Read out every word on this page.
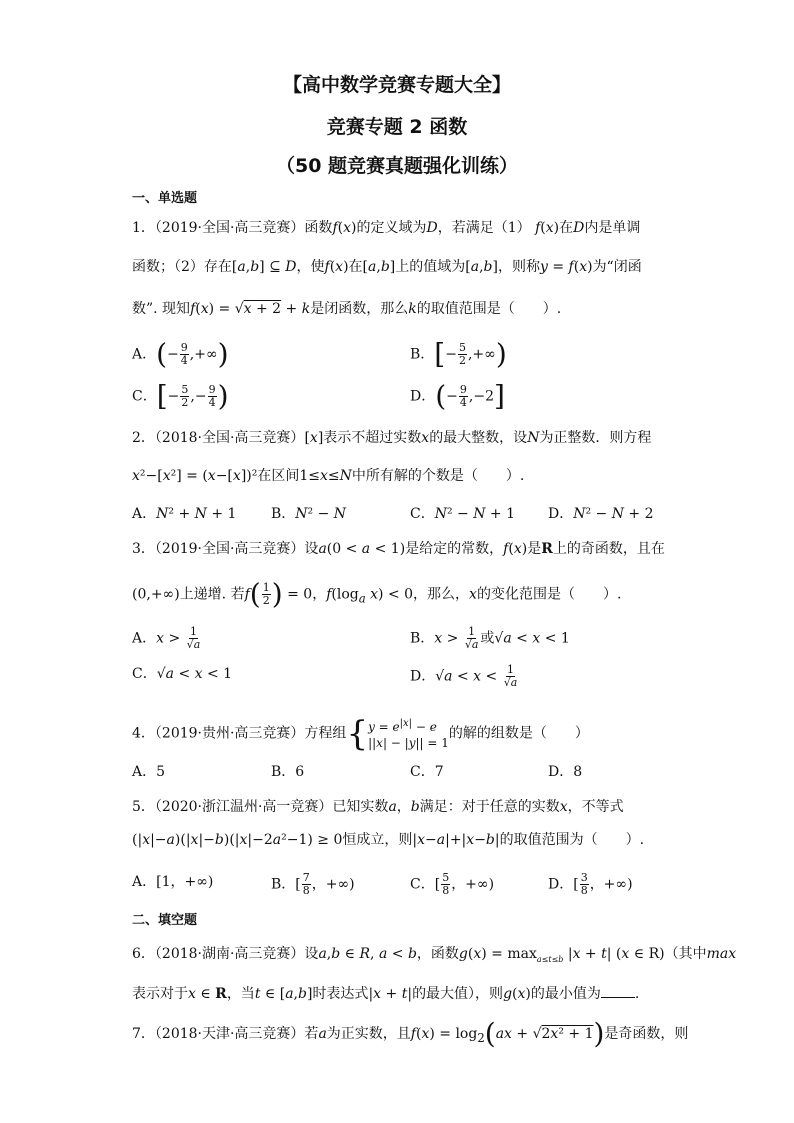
【高中数学竞赛专题大全】
竞赛专题 2 函数
（50 题竞赛真题强化训练）
一、单选题
1．（2019·全国·高三竞赛）函数f(x)的定义域为D，若满足（1） f(x)在D内是单调
函数；（2）存在[a,b] ⊆ D，使f(x)在[a,b]上的值域为[a,b]，则称y = f(x)为“闭函
数”. 现知f(x) = √x + 2 + k是闭函数，那么k的取值范围是（　　）.
A．(− $\frac{9}{4}$ ,+∞)	B．[− $\frac{5}{2}$ ,+∞)
C．[− $\frac{5}{2}$ ,− $\frac{9}{4}$ )	D．(− $\frac{9}{4} ,-2$]
2．（2018·全国·高三竞赛）[x]表示不超过实数x的最大整数，设N为正整数．则方程
x²−[x²] = (x−[x])²在区间1≤x≤N中所有解的个数是（　　）.
A．N² + N + 1 B．N² − N	C．N² − N + 1 D．N² − N + 2
3．（2019·全国·高三竞赛）设a(0 < a < 1)是给定的常数，f(x)是R上的奇函数，且在
(0,+∞)上递增. 若$f( \frac{1}{2}$ ) = 0，$f(\log_a$ x) < 0，那么，x的变化范围是（　　）.
A．$x > \frac{1}{√a}$	B．$x > \frac{1}{√a}$ 或√a < x < 1
C．√a < x < 1	D．$√a < x < \frac{1}{√a}$
4．（2019·贵州·高三竞赛）方程组 { $y = e^{|x|} - e$
||x| − |y|| = 1
的解的组数是（　　）
A．5	B．6	C．7	D．8
5．（2020·浙江温州·高一竞赛）已知实数a，b满足：对于任意的实数x，不等式
(|x|−a)(|x|−b)(|x|−2a²−1) ≥ 0恒成立，则|x−a|+|x−b|的取值范围为（　　）.
A．[1，+∞)	B．[ $\frac{7}{8}$ ，+∞)	C．[ $\frac{5}{8}$ ，+∞)	D．[ $\frac{3}{8}$ ，+∞)
二、填空题
6．（2018·湖南·高三竞赛）设a,b ∈ R, a < b，函数$g(x) = \max_{a\le t\le b} |x + t|$ (x ∈ R)（其中max
表示对于x ∈ R，当t ∈ [a,b]时表达式|x + t|的最大值），则g(x)的最小值为 .
7．（2018·天津·高三竞赛）若a为正实数，且$f(x) = \log_2(ax + √2x^2 + 1)$是奇函数，则
